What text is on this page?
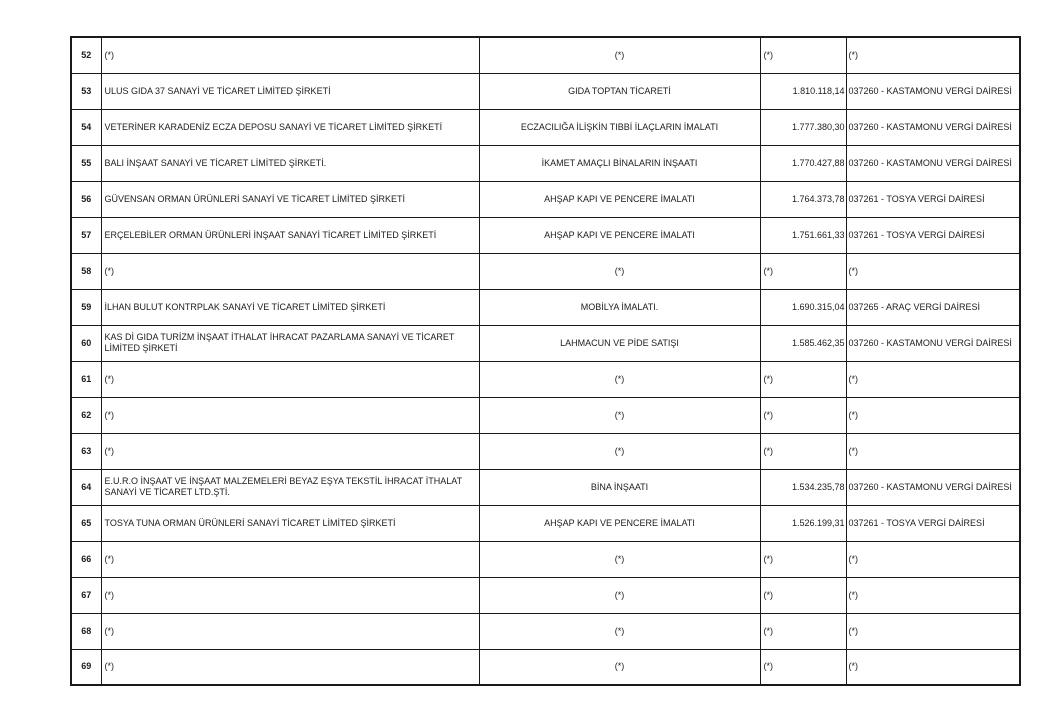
52	(*)	(*)	(*)	(*)
53	ULUS GIDA 37 SANAYİ VE TİCARET LİMİTED ŞİRKETİ	GIDA TOPTAN TİCARETİ	1.810.118,14	037260 - KASTAMONU VERGİ DAİRESİ
54	VETERİNER KARADENİZ ECZA DEPOSU SANAYİ VE TİCARET LİMİTED ŞİRKETİ	ECZACILIĞA İLİŞKİN TIBBİ İLAÇLARIN İMALATI	1.777.380,30	037260 - KASTAMONU VERGİ DAİRESİ
55	BALI İNŞAAT SANAYİ VE TİCARET LİMİTED ŞİRKETİ.	İKAMET AMAÇLI BİNALARIN İNŞAATI	1.770.427,88	037260 - KASTAMONU VERGİ DAİRESİ
56	GÜVENSAN ORMAN ÜRÜNLERİ SANAYİ VE TİCARET LİMİTED ŞİRKETİ	AHŞAP KAPI VE PENCERE İMALATI	1.764.373,78	037261 - TOSYA VERGİ DAİRESİ
57	ERÇELEBİLER ORMAN ÜRÜNLERİ İNŞAAT SANAYİ TİCARET LİMİTED ŞİRKETİ	AHŞAP KAPI VE PENCERE İMALATI	1.751.661,33	037261 - TOSYA VERGİ DAİRESİ
58	(*)	(*)	(*)	(*)
59	İLHAN BULUT KONTRPLAK SANAYİ VE TİCARET LİMİTED ŞİRKETİ	MOBİLYA İMALATI.	1.690.315,04	037265 - ARAÇ VERGİ DAİRESİ
60	KAS Dİ GIDA TURİZM İNŞAAT İTHALAT İHRACAT PAZARLAMA SANAYİ VE TİCARET LİMİTED ŞİRKETİ	LAHMACUN VE PİDE SATIŞI	1.585.462,35	037260 - KASTAMONU VERGİ DAİRESİ
61	(*)	(*)	(*)	(*)
62	(*)	(*)	(*)	(*)
63	(*)	(*)	(*)	(*)
64	E.U.R.O İNŞAAT VE İNŞAAT MALZEMELERİ BEYAZ EŞYA TEKSTİL İHRACAT İTHALAT SANAYİ VE TİCARET LTD.ŞTİ.	BİNA İNŞAATI	1.534.235,78	037260 - KASTAMONU VERGİ DAİRESİ
65	TOSYA TUNA ORMAN ÜRÜNLERİ SANAYİ TİCARET LİMİTED ŞİRKETİ	AHŞAP KAPI VE PENCERE İMALATI	1.526.199,31	037261 - TOSYA VERGİ DAİRESİ
66	(*)	(*)	(*)	(*)
67	(*)	(*)	(*)	(*)
68	(*)	(*)	(*)	(*)
69	(*)	(*)	(*)	(*)
